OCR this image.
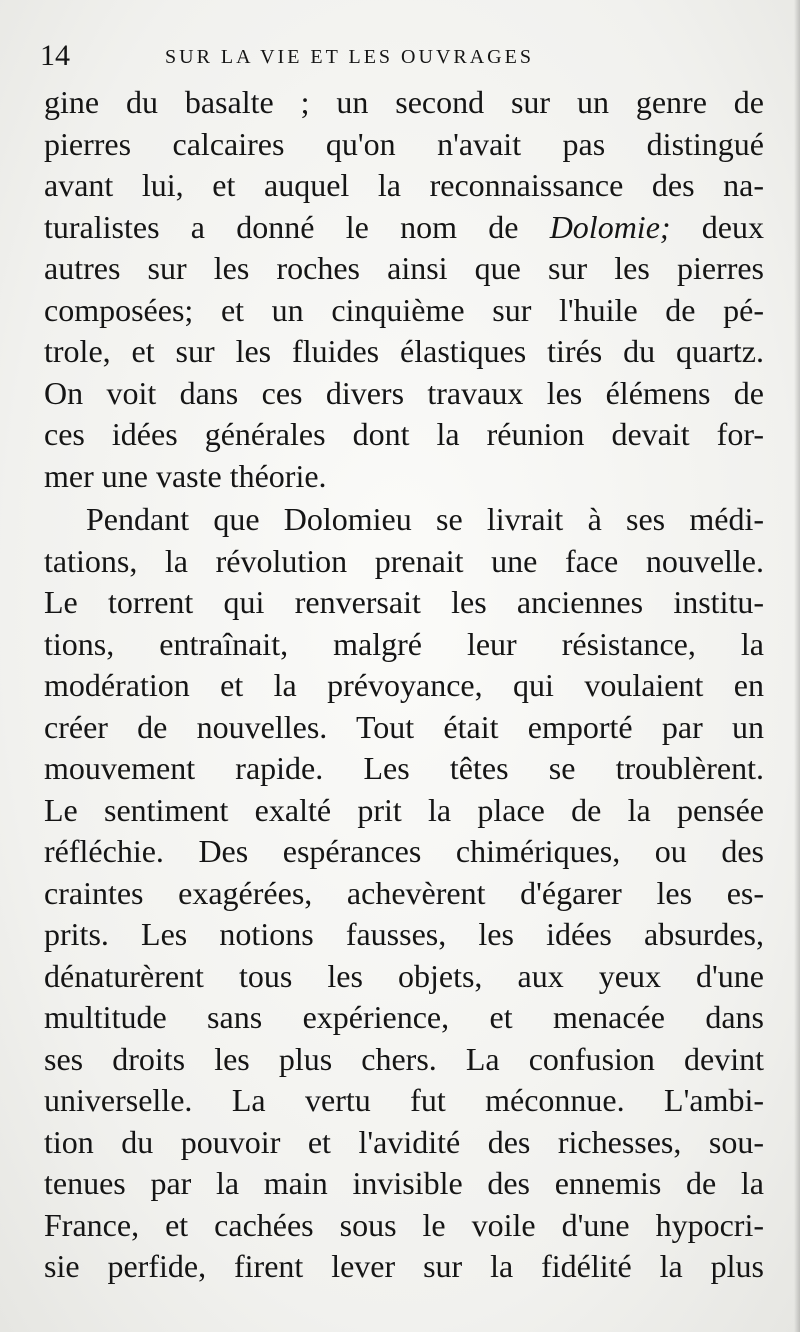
14	SUR LA VIE ET LES OUVRAGES
gine du basalte ; un second sur un genre de
pierres calcaires qu'on n'avait pas distingué
avant lui, et auquel la reconnaissance des na-
turalistes a donné le nom de Dolomie; deux
autres sur les roches ainsi que sur les pierres
composées; et un cinquième sur l'huile de pé-
trole, et sur les fluides élastiques tirés du quartz.
On voit dans ces divers travaux les élémens de
ces idées générales dont la réunion devait for-
mer une vaste théorie.
Pendant que Dolomieu se livrait à ses médi-
tations, la révolution prenait une face nouvelle.
Le torrent qui renversait les anciennes institu-
tions, entraînait, malgré leur résistance, la
modération et la prévoyance, qui voulaient en
créer de nouvelles. Tout était emporté par un
mouvement rapide. Les têtes se troublèrent.
Le sentiment exalté prit la place de la pensée
réfléchie. Des espérances chimériques, ou des
craintes exagérées, achevèrent d'égarer les es-
prits. Les notions fausses, les idées absurdes,
dénaturèrent tous les objets, aux yeux d'une
multitude sans expérience, et menacée dans
ses droits les plus chers. La confusion devint
universelle. La vertu fut méconnue. L'ambi-
tion du pouvoir et l'avidité des richesses, sou-
tenues par la main invisible des ennemis de la
France, et cachées sous le voile d'une hypocri-
sie perfide, firent lever sur la fidélité la plus
